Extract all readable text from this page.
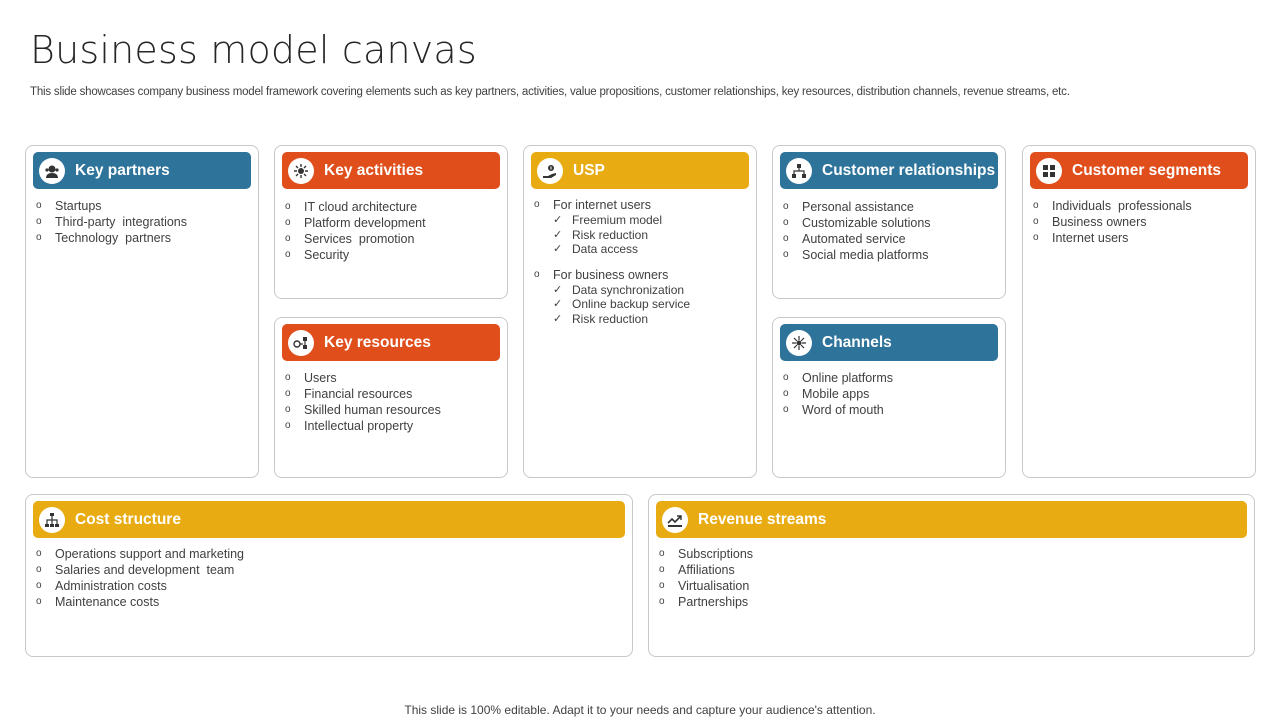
Business model canvas
This slide showcases company business model framework covering elements such as key partners, activities, value propositions, customer relationships, key resources, distribution channels, revenue streams, etc.
Key partners
o	Startups
o	Third-party  integrations
o	Technology  partners
Key activities
o	IT cloud architecture
o	Platform development
o	Services  promotion
o	Security
Key resources
o	Users
o	Financial resources
o	Skilled human resources
o	Intellectual property
USP
o	For internet users
✓ Freemium model
✓ Risk reduction
✓ Data access
o	For business owners
✓ Data synchronization
✓ Online backup service
✓ Risk reduction
Customer relationships
o	Personal assistance
o	Customizable solutions
o	Automated service
o	Social media platforms
Channels
o	Online platforms
o	Mobile apps
o	Word of mouth
Customer segments
o	Individuals  professionals
o	Business owners
o	Internet users
Cost structure
o	Operations support and marketing
o	Salaries and development  team
o	Administration costs
o	Maintenance costs
Revenue streams
o	Subscriptions
o	Affiliations
o	Virtualisation
o	Partnerships
This slide is 100% editable. Adapt it to your needs and capture your audience's attention.
